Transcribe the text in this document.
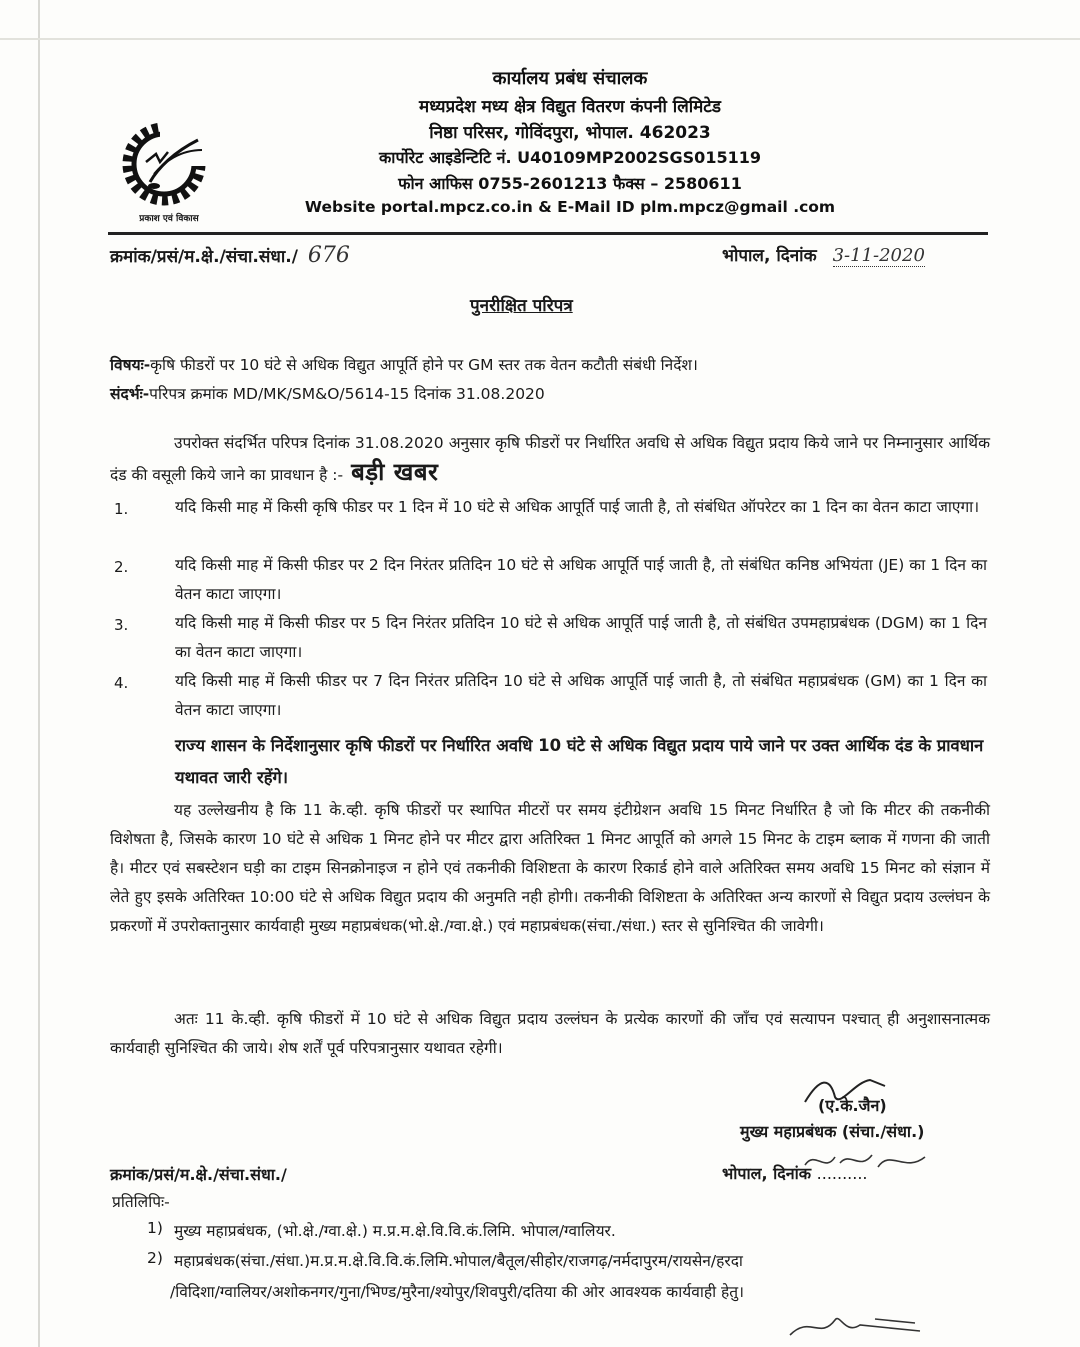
प्रकाश एवं विकास
कार्यालय प्रबंध संचालक
मध्यप्रदेश मध्य क्षेत्र विद्युत वितरण कंपनी लिमिटेड
निष्ठा परिसर, गोविंदपुरा, भोपाल. 462023
कार्पोरेट आइडेन्टिटि नं. U40109MP2002SGS015119
फोन आफिस 0755-2601213 फैक्स – 2580611
Website portal.mpcz.co.in & E-Mail ID plm.mpcz@gmail .com
क्रमांक/प्रसं/म.क्षे./संचा.संधा./ 676	भोपाल, दिनांक 3-11-2020
पुनरीक्षित परिपत्र
विषयः-कृषि फीडरों पर 10 घंटे से अधिक विद्युत आपूर्ति होने पर GM स्तर तक वेतन कटौती संबंधी निर्देश।
संदर्भः-परिपत्र क्रमांक MD/MK/SM&O/5614-15 दिनांक 31.08.2020
उपरोक्त संदर्भित परिपत्र दिनांक 31.08.2020 अनुसार कृषि फीडरों पर निर्धारित अवधि से अधिक विद्युत प्रदाय किये जाने पर निम्नानुसार आर्थिक दंड की वसूली किये जाने का प्रावधान है :- बड़ी खबर
1.	यदि किसी माह में किसी कृषि फीडर पर 1 दिन में 10 घंटे से अधिक आपूर्ति पाई जाती है, तो संबंधित ऑपरेटर का 1 दिन का वेतन काटा जाएगा।
2.	यदि किसी माह में किसी फीडर पर 2 दिन निरंतर प्रतिदिन 10 घंटे से अधिक आपूर्ति पाई जाती है, तो संबंधित कनिष्ठ अभियंता (JE) का 1 दिन का वेतन काटा जाएगा।
3.	यदि किसी माह में किसी फीडर पर 5 दिन निरंतर प्रतिदिन 10 घंटे से अधिक आपूर्ति पाई जाती है, तो संबंधित उपमहाप्रबंधक (DGM) का 1 दिन का वेतन काटा जाएगा।
4.	यदि किसी माह में किसी फीडर पर 7 दिन निरंतर प्रतिदिन 10 घंटे से अधिक आपूर्ति पाई जाती है, तो संबंधित महाप्रबंधक (GM) का 1 दिन का वेतन काटा जाएगा।
राज्य शासन के निर्देशानुसार कृषि फीडरों पर निर्धारित अवधि 10 घंटे से अधिक विद्युत प्रदाय पाये जाने पर उक्त आर्थिक दंड के प्रावधान यथावत जारी रहेंगे।
यह उल्लेखनीय है कि 11 के.व्ही. कृषि फीडरों पर स्थापित मीटरों पर समय इंटीग्रेशन अवधि 15 मिनट निर्धारित है जो कि मीटर की तकनीकी विशेषता है, जिसके कारण 10 घंटे से अधिक 1 मिनट होने पर मीटर द्वारा अतिरिक्त 1 मिनट आपूर्ति को अगले 15 मिनट के टाइम ब्लाक में गणना की जाती है। मीटर एवं सबस्टेशन घड़ी का टाइम सिनक्रोनाइज न होने एवं तकनीकी विशिष्टता के कारण रिकार्ड होने वाले अतिरिक्त समय अवधि 15 मिनट को संज्ञान में लेते हुए इसके अतिरिक्त 10:00 घंटे से अधिक विद्युत प्रदाय की अनुमति नही होगी। तकनीकी विशिष्टता के अतिरिक्त अन्य कारणों से विद्युत प्रदाय उल्लंघन के प्रकरणों में उपरोक्तानुसार कार्यवाही मुख्य महाप्रबंधक(भो.क्षे./ग्वा.क्षे.) एवं महाप्रबंधक(संचा./संधा.) स्तर से सुनिश्चित की जावेगी।
अतः 11 के.व्ही. कृषि फीडरों में 10 घंटे से अधिक विद्युत प्रदाय उल्लंघन के प्रत्येक कारणों की जाँच एवं सत्यापन पश्चात् ही अनुशासनात्मक कार्यवाही सुनिश्चित की जाये। शेष शर्तें पूर्व परिपत्रानुसार यथावत रहेगी।
(ए.के.जैन)
मुख्य महाप्रबंधक (संचा./संधा.)
भोपाल, दिनांक ..........
क्रमांक/प्रसं/म.क्षे./संचा.संधा./
प्रतिलिपिः-
1) मुख्य महाप्रबंधक, (भो.क्षे./ग्वा.क्षे.) म.प्र.म.क्षे.वि.वि.कं.लिमि. भोपाल/ग्वालियर.
2) महाप्रबंधक(संचा./संधा.)म.प्र.म.क्षे.वि.वि.कं.लिमि.भोपाल/बैतूल/सीहोर/राजगढ़/नर्मदापुरम/रायसेन/हरदा
/विदिशा/ग्वालियर/अशोकनगर/गुना/भिण्ड/मुरैना/श्योपुर/शिवपुरी/दतिया की ओर आवश्यक कार्यवाही हेतु।
